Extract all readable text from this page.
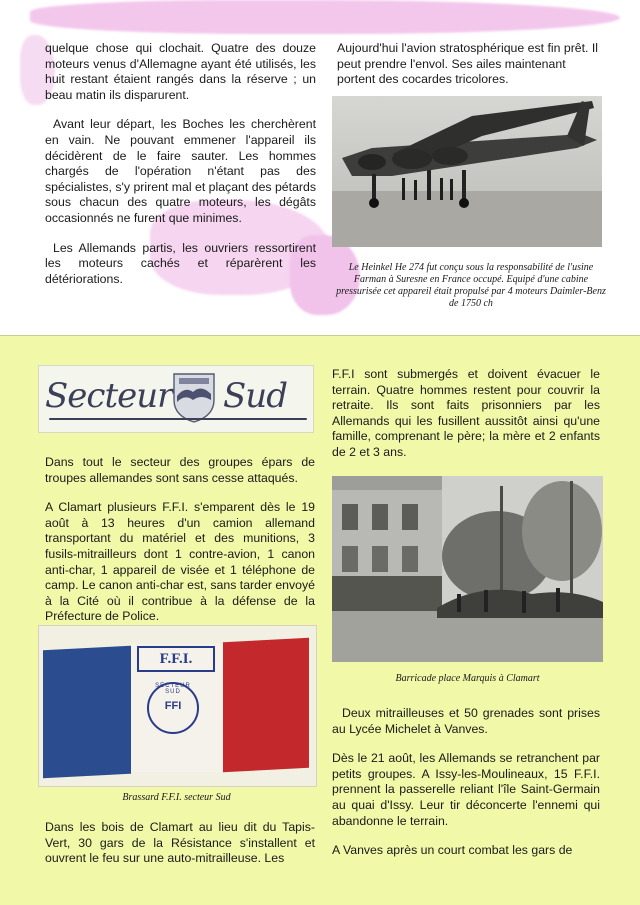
quelque chose qui clochait. Quatre des douze moteurs venus d'Allemagne ayant été utilisés, les huit restant étaient rangés dans la réserve ; un beau matin ils disparurent.

Avant leur départ, les Boches les cherchèrent en vain. Ne pouvant emmener l'appareil ils décidèrent de le faire sauter. Les hommes chargés de l'opération n'étant pas des spécialistes, s'y prirent mal et plaçant des pétards sous chacun des quatre moteurs, les dégâts occasionnés ne furent que minimes.

Les Allemands partis, les ouvriers ressortirent les moteurs cachés et réparèrent les détériorations.

Aujourd'hui l'avion stratosphérique est fin prêt. Il peut prendre l'envol. Ses ailes maintenant portent des cocardes tricolores.

Le Heinkel He 274 fut conçu sous la responsabilité de l'usine Farman à Suresne en France occupé. Equipé d'une cabine pressurisée cet appareil était propulsé par 4 moteurs Daimler-Benz de 1750 ch

Secteur Sud

Dans tout le secteur des groupes épars de troupes allemandes sont sans cesse attaqués.

A Clamart plusieurs F.F.I. s'emparent dès le 19 août à 13 heures d'un camion allemand transportant du matériel et des munitions, 3 fusils-mitrailleurs dont 1 contre-avion, 1 canon anti-char, 1 appareil de visée et 1 téléphone de camp. Le canon anti-char est, sans tarder envoyé à la Cité où il contribue à la défense de la Préfecture de Police.

F.F.I.
SECTEUR SUD
FFI

Brassard F.F.I. secteur Sud

Dans les bois de Clamart au lieu dit du Tapis-Vert, 30 gars de la Résistance s'installent et ouvrent le feu sur une auto-mitrailleuse. Les

F.F.I sont submergés et doivent évacuer le terrain. Quatre hommes restent pour couvrir la retraite. Ils sont faits prisonniers par les Allemands qui les fusillent aussitôt ainsi qu'une famille, comprenant le père; la mère et 2 enfants de 2 et 3 ans.

Barricade place Marquis à Clamart

Deux mitrailleuses et 50 grenades sont prises au Lycée Michelet à Vanves.

Dès le 21 août, les Allemands se retranchent par petits groupes. A Issy-les-Moulineaux, 15 F.F.I. prennent la passerelle reliant l'île Saint-Germain au quai d'Issy. Leur tir déconcerte l'ennemi qui abandonne le terrain.

A Vanves après un court combat les gars de
